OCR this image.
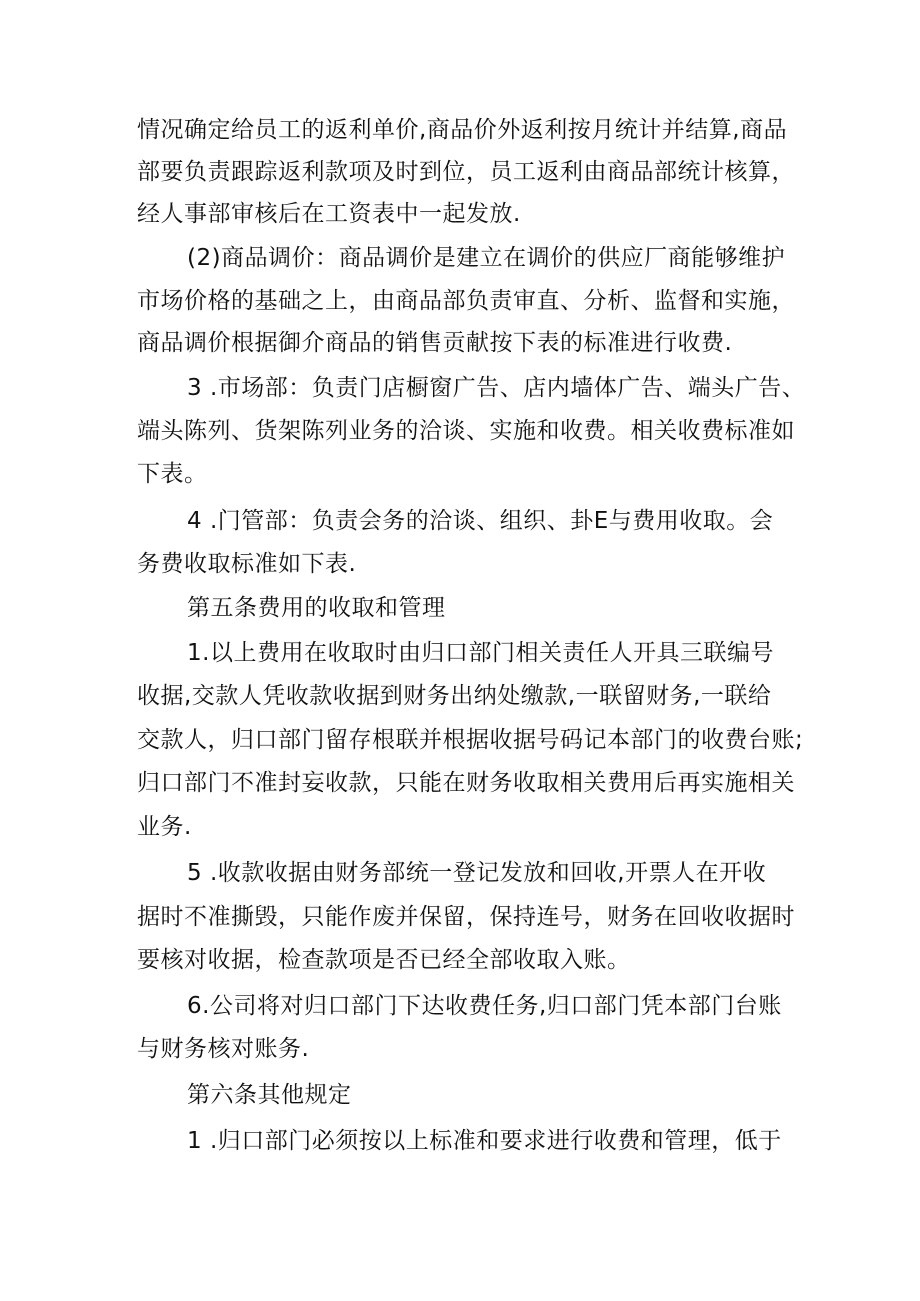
情况确定给员工的返利单价,商品价外返利按月统计并结算,商品
部要负责跟踪返利款项及时到位，员工返利由商品部统计核算，
经人事部审核后在工资表中一起发放.
(2)商品调价：商品调价是建立在调价的供应厂商能够维护
市场价格的基础之上，由商品部负责审直、分析、监督和实施，
商品调价根据御介商品的销售贡献按下表的标准进行收费.
3 .市场部：负责门店橱窗广告、店内墙体广告、端头广告、
端头陈列、货架陈列业务的洽谈、实施和收费。相关收费标准如
下表。
4 .门管部：负责会务的洽谈、组织、卦E与费用收取。会
务费收取标准如下表.
第五条费用的收取和管理
1.以上费用在收取时由归口部门相关责任人开具三联编号
收据,交款人凭收款收据到财务出纳处缴款,一联留财务,一联给
交款人，归口部门留存根联并根据收据号码记本部门的收费台账;
归口部门不准封妄收款，只能在财务收取相关费用后再实施相关
业务.
5 .收款收据由财务部统一登记发放和回收,开票人在开收
据时不准撕毁，只能作废并保留，保持连号，财务在回收收据时
要核对收据，检查款项是否已经全部收取入账。
6.公司将对归口部门下达收费任务,归口部门凭本部门台账
与财务核对账务.
第六条其他规定
1 .归口部门必须按以上标准和要求进行收费和管理，低于
